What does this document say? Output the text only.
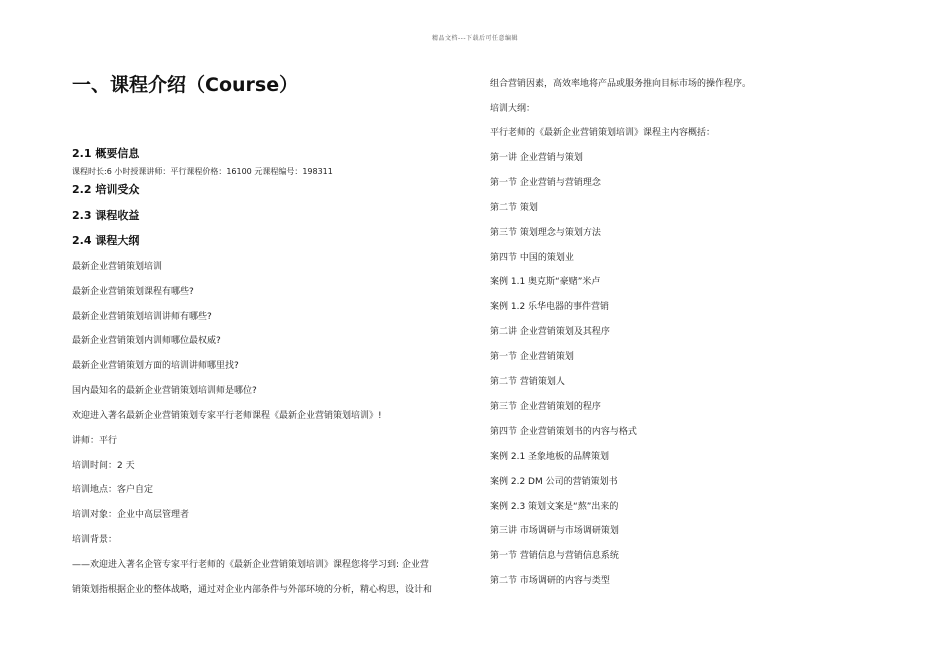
精品文档---下载后可任意编辑
一、课程介绍（Course）
2.1 概要信息
课程时长:6 小时授课讲师：平行课程价格：16100 元课程编号：198311
2.2 培训受众
2.3 课程收益
2.4 课程大纲
最新企业营销策划培训
最新企业营销策划课程有哪些?
最新企业营销策划培训讲师有哪些?
最新企业营销策划内训师哪位最权威?
最新企业营销策划方面的培训讲师哪里找?
国内最知名的最新企业营销策划培训师是哪位?
欢迎进入著名最新企业营销策划专家平行老师课程《最新企业营销策划培训》!
讲师：平行
培训时间：2 天
培训地点：客户自定
培训对象：企业中高层管理者
培训背景：
——欢迎进入著名企管专家平行老师的《最新企业营销策划培训》课程您将学习到: 企业营
销策划指根据企业的整体战略，通过对企业内部条件与外部环境的分析，精心构思，设计和
组合营销因素，高效率地将产品或服务推向目标市场的操作程序。
培训大纲：
平行老师的《最新企业营销策划培训》课程主内容概括：
第一讲 企业营销与策划
第一节 企业营销与营销理念
第二节 策划
第三节 策划理念与策划方法
第四节 中国的策划业
案例 1.1 奥克斯“豪赌”米卢
案例 1.2 乐华电器的事件营销
第二讲 企业营销策划及其程序
第一节 企业营销策划
第二节 营销策划人
第三节 企业营销策划的程序
第四节 企业营销策划书的内容与格式
案例 2.1 圣象地板的品牌策划
案例 2.2 DM 公司的营销策划书
案例 2.3 策划文案是“熬”出来的
第三讲 市场调研与市场调研策划
第一节 营销信息与营销信息系统
第二节 市场调研的内容与类型
